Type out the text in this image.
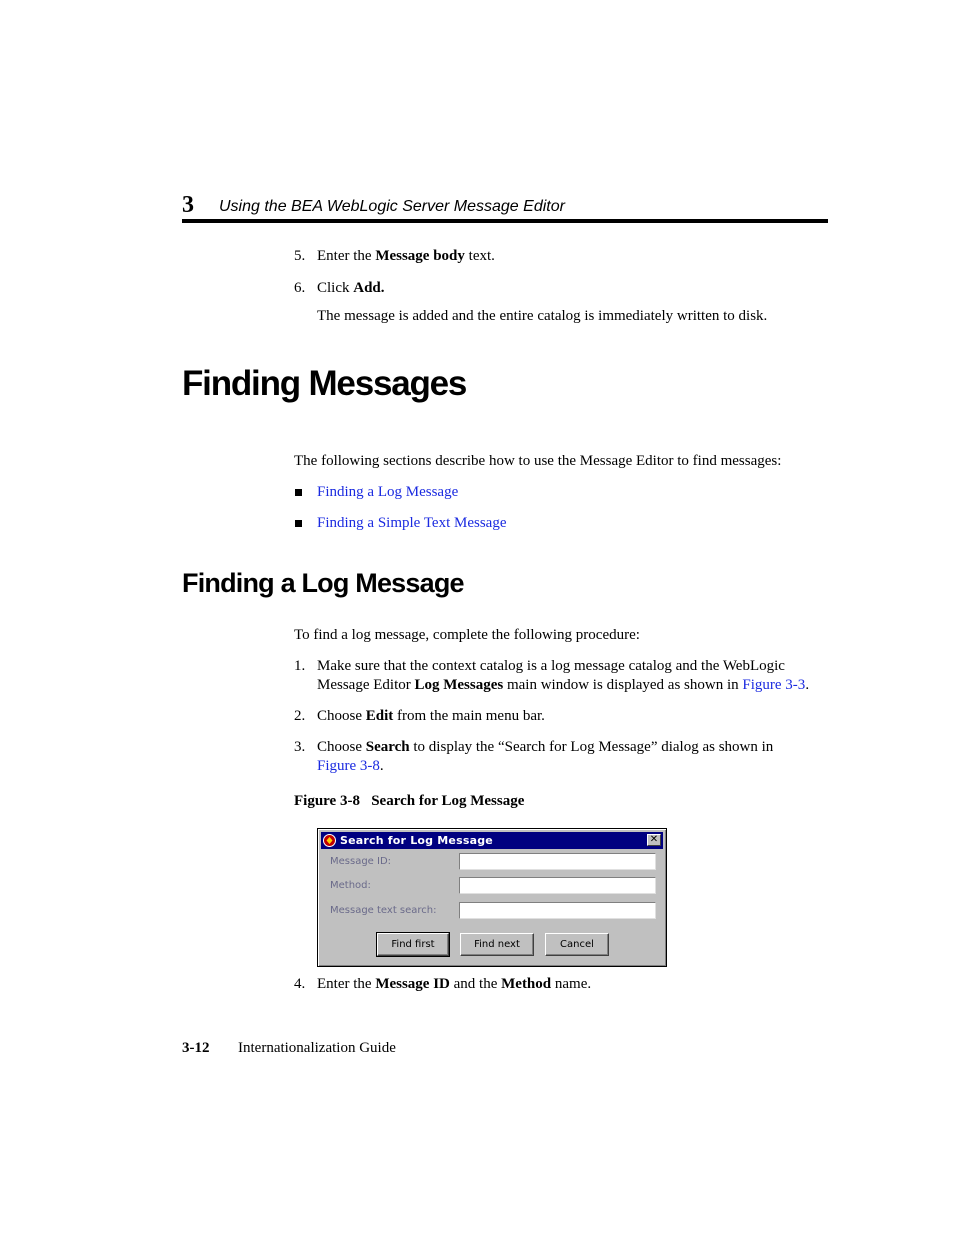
3 Using the BEA WebLogic Server Message Editor
5. Enter the Message body text.
6. Click Add.
The message is added and the entire catalog is immediately written to disk.
Finding Messages
The following sections describe how to use the Message Editor to find messages:
Finding a Log Message
Finding a Simple Text Message
Finding a Log Message
To find a log message, complete the following procedure:
1. Make sure that the context catalog is a log message catalog and the WebLogic
Message Editor Log Messages main window is displayed as shown in Figure 3-3.
2. Choose Edit from the main menu bar.
3. Choose Search to display the “Search for Log Message” dialog as shown in
Figure 3-8.
Figure 3-8   Search for Log Message
Search for Log Message	✕
Message ID:
Method:
Message text search:
Find first	Find next	Cancel
4. Enter the Message ID and the Method name.
3-12 Internationalization Guide
